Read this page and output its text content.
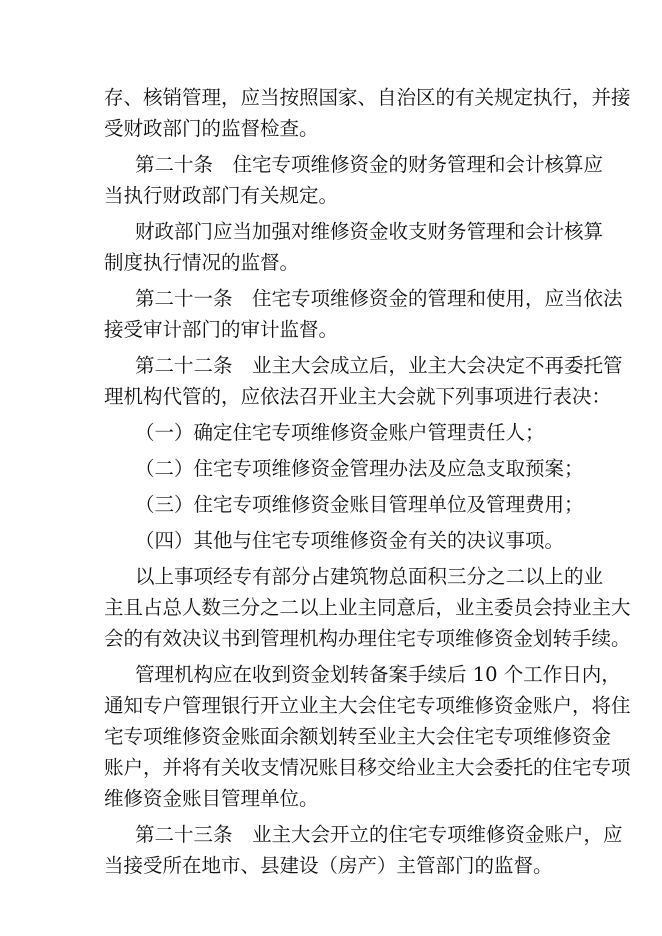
存、核销管理，应当按照国家、自治区的有关规定执行，并接
受财政部门的监督检查。

第二十条　住宅专项维修资金的财务管理和会计核算应
当执行财政部门有关规定。

财政部门应当加强对维修资金收支财务管理和会计核算
制度执行情况的监督。

第二十一条　住宅专项维修资金的管理和使用，应当依法
接受审计部门的审计监督。

第二十二条　业主大会成立后，业主大会决定不再委托管
理机构代管的，应依法召开业主大会就下列事项进行表决：

（一）确定住宅专项维修资金账户管理责任人；

（二）住宅专项维修资金管理办法及应急支取预案；

（三）住宅专项维修资金账目管理单位及管理费用；

（四）其他与住宅专项维修资金有关的决议事项。

以上事项经专有部分占建筑物总面积三分之二以上的业
主且占总人数三分之二以上业主同意后，业主委员会持业主大
会的有效决议书到管理机构办理住宅专项维修资金划转手续。

管理机构应在收到资金划转备案手续后 10 个工作日内，
通知专户管理银行开立业主大会住宅专项维修资金账户，将住
宅专项维修资金账面余额划转至业主大会住宅专项维修资金
账户，并将有关收支情况账目移交给业主大会委托的住宅专项
维修资金账目管理单位。

第二十三条　业主大会开立的住宅专项维修资金账户，应
当接受所在地市、县建设（房产）主管部门的监督。
